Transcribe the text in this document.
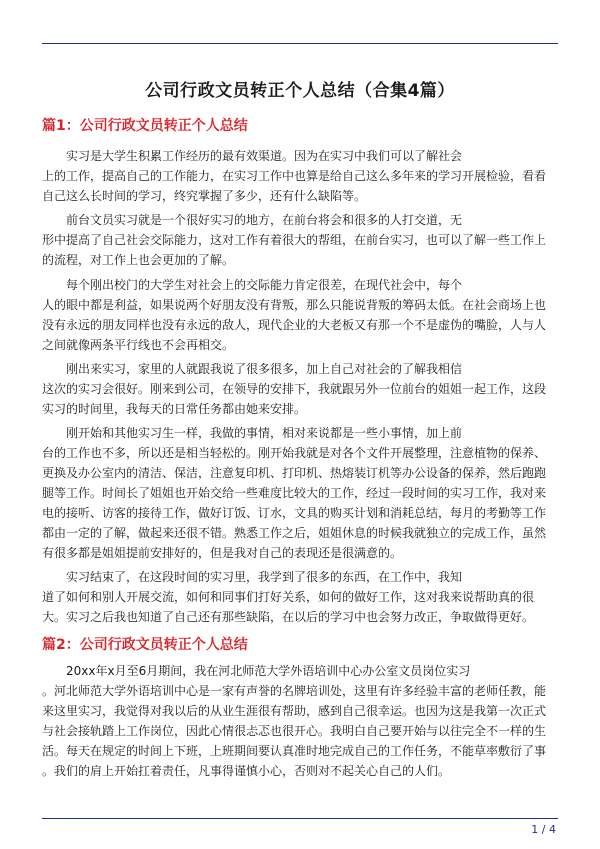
公司行政文员转正个人总结（合集4篇）
篇1：公司行政文员转正个人总结
实习是大学生积累工作经历的最有效渠道。因为在实习中我们可以了解社会
上的工作，提高自己的工作能力，在实习工作中也算是给自己这么多年来的学习开展检验，看看
自己这么长时间的学习，终究掌握了多少，还有什么缺陷等。
前台文员实习就是一个很好实习的地方，在前台将会和很多的人打交道，无
形中提高了自己社会交际能力，这对工作有着很大的帮组，在前台实习，也可以了解一些工作上
的流程，对工作上也会更加的了解。
每个刚出校门的大学生对社会上的交际能力肯定很差，在现代社会中，每个
人的眼中都是利益，如果说两个好朋友没有背叛，那么只能说背叛的筹码太低。在社会商场上也
没有永远的朋友同样也没有永远的敌人，现代企业的大老板又有那一个不是虚伪的嘴脸，人与人
之间就像两条平行线也不会再相交。
刚出来实习，家里的人就跟我说了很多很多，加上自己对社会的了解我相信
这次的实习会很好。刚来到公司，在领导的安排下，我就跟另外一位前台的姐姐一起工作，这段
实习的时间里，我每天的日常任务都由她来安排。
刚开始和其他实习生一样，我做的事情，相对来说都是一些小事情，加上前
台的工作也不多，所以还是相当轻松的。刚开始我就是对各个文件开展整理，注意植物的保养、
更换及办公室内的清洁、保洁，注意复印机、打印机、热熔装订机等办公设备的保养，然后跑跑
腿等工作。时间长了姐姐也开始交给一些难度比较大的工作，经过一段时间的实习工作，我对来
电的接听、访客的接待工作，做好订饭、订水，文具的购买计划和消耗总结，每月的考勤等工作
都由一定的了解，做起来还很不错。熟悉工作之后，姐姐休息的时候我就独立的完成工作，虽然
有很多都是姐姐提前安排好的，但是我对自己的表现还是很满意的。
实习结束了，在这段时间的实习里，我学到了很多的东西，在工作中，我知
道了如何和别人开展交流，如何和同事们打好关系，如何的做好工作，这对我来说帮助真的很
大。实习之后我也知道了自己还有那些缺陷，在以后的学习中也会努力改正，争取做得更好。
篇2：公司行政文员转正个人总结
20xx年x月至6月期间，我在河北师范大学外语培训中心办公室文员岗位实习
。河北师范大学外语培训中心是一家有声誉的名牌培训处，这里有许多经验丰富的老师任教，能
来这里实习，我觉得对我以后的从业生涯很有帮助，感到自己很幸运。也因为这是我第一次正式
与社会接轨踏上工作岗位，因此心情很忐忑也很开心。我明白自己要开始与以往完全不一样的生
活。每天在规定的时间上下班，上班期间要认真准时地完成自己的工作任务，不能草率敷衍了事
。我们的肩上开始扛着责任，凡事得谨慎小心，否则对不起关心自己的人们。
1 / 4
